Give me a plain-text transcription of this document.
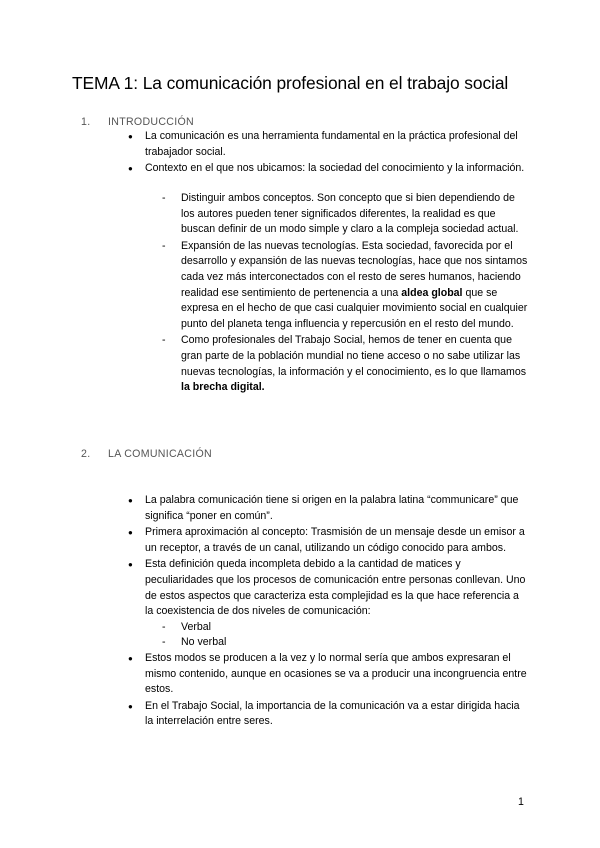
TEMA 1: La comunicación profesional en el trabajo social
1. INTRODUCCIÓN
● La comunicación es una herramienta fundamental en la práctica profesional del trabajador social.
● Contexto en el que nos ubicamos: la sociedad del conocimiento y la información.
- Distinguir ambos conceptos. Son concepto que si bien dependiendo de los autores pueden tener significados diferentes, la realidad es que buscan definir de un modo simple y claro a la compleja sociedad actual.
- Expansión de las nuevas tecnologías. Esta sociedad, favorecida por el desarrollo y expansión de las nuevas tecnologías, hace que nos sintamos cada vez más interconectados con el resto de seres humanos, haciendo realidad ese sentimiento de pertenencia a una aldea global que se expresa en el hecho de que casi cualquier movimiento social en cualquier punto del planeta tenga influencia y repercusión en el resto del mundo.
- Como profesionales del Trabajo Social, hemos de tener en cuenta que gran parte de la población mundial no tiene acceso o no sabe utilizar las nuevas tecnologías, la información y el conocimiento, es lo que llamamos la brecha digital.
2. LA COMUNICACIÓN
● La palabra comunicación tiene si origen en la palabra latina “communicare” que significa “poner en común”.
● Primera aproximación al concepto: Trasmisión de un mensaje desde un emisor a un receptor, a través de un canal, utilizando un código conocido para ambos.
● Esta definición queda incompleta debido a la cantidad de matices y peculiaridades que los procesos de comunicación entre personas conllevan. Uno de estos aspectos que caracteriza esta complejidad es la que hace referencia a la coexistencia de dos niveles de comunicación:
- Verbal
- No verbal
● Estos modos se producen a la vez y lo normal sería que ambos expresaran el mismo contenido, aunque en ocasiones se va a producir una incongruencia entre estos.
● En el Trabajo Social, la importancia de la comunicación va a estar dirigida hacia la interrelación entre seres.
1
